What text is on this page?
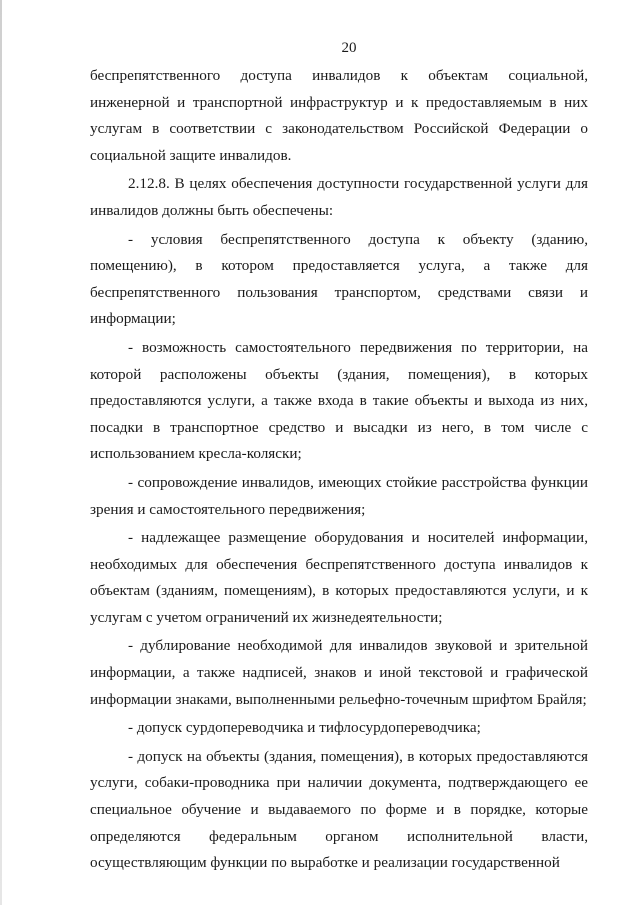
20

беспрепятственного доступа инвалидов к объектам социальной, инженерной и транспортной инфраструктур и к предоставляемым в них услугам в соответствии с законодательством Российской Федерации о социальной защите инвалидов.

2.12.8. В целях обеспечения доступности государственной услуги для инвалидов должны быть обеспечены:

- условия беспрепятственного доступа к объекту (зданию, помещению), в котором предоставляется услуга, а также для беспрепятственного пользования транспортом, средствами связи и информации;

- возможность самостоятельного передвижения по территории, на которой расположены объекты (здания, помещения), в которых предоставляются услуги, а также входа в такие объекты и выхода из них, посадки в транспортное средство и высадки из него, в том числе с использованием кресла-коляски;

- сопровождение инвалидов, имеющих стойкие расстройства функции зрения и самостоятельного передвижения;

- надлежащее размещение оборудования и носителей информации, необходимых для обеспечения беспрепятственного доступа инвалидов к объектам (зданиям, помещениям), в которых предоставляются услуги, и к услугам с учетом ограничений их жизнедеятельности;

- дублирование необходимой для инвалидов звуковой и зрительной информации, а также надписей, знаков и иной текстовой и графической информации знаками, выполненными рельефно-точечным шрифтом Брайля;

- допуск сурдопереводчика и тифлосурдопереводчика;

- допуск на объекты (здания, помещения), в которых предоставляются услуги, собаки-проводника при наличии документа, подтверждающего ее специальное обучение и выдаваемого по форме и в порядке, которые определяются федеральным органом исполнительной власти, осуществляющим функции по выработке и реализации государственной
